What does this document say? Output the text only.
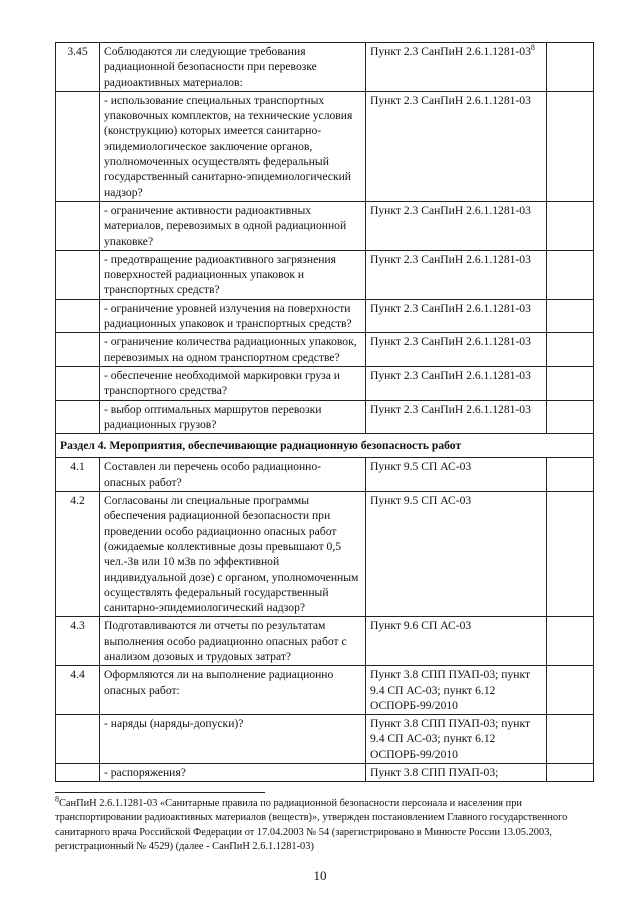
3.45	Соблюдаются ли следующие требования радиационной безопасности при перевозке радиоактивных материалов:	Пункт 2.3 СанПиН $2.6.1.1281-03^8$	
	- использование специальных транспортных упаковочных комплектов, на технические условия (конструкцию) которых имеется санитарно-эпидемиологическое заключение органов, уполномоченных осуществлять федеральный государственный санитарно-эпидемиологический надзор?	Пункт 2.3 СанПиН 2.6.1.1281-03	
	- ограничение активности радиоактивных материалов, перевозимых в одной радиационной упаковке?	Пункт 2.3 СанПиН 2.6.1.1281-03	
	- предотвращение радиоактивного загрязнения поверхностей радиационных упаковок и транспортных средств?	Пункт 2.3 СанПиН 2.6.1.1281-03	
	- ограничение уровней излучения на поверхности радиационных упаковок и транспортных средств?	Пункт 2.3 СанПиН 2.6.1.1281-03	
	- ограничение количества радиационных упаковок, перевозимых на одном транспортном средстве?	Пункт 2.3 СанПиН 2.6.1.1281-03	
	- обеспечение необходимой маркировки груза и транспортного средства?	Пункт 2.3 СанПиН 2.6.1.1281-03	
	- выбор оптимальных маршрутов перевозки радиационных грузов?	Пункт 2.3 СанПиН 2.6.1.1281-03	
Раздел 4. Мероприятия, обеспечивающие радиационную безопасность работ			
4.1	Составлен ли перечень особо радиационно-опасных работ?	Пункт 9.5 СП АС-03	
4.2	Согласованы ли специальные программы обеспечения радиационной безопасности при проведении особо радиационно опасных работ (ожидаемые коллективные дозы превышают 0,5 чел.-Зв или 10 мЗв по эффективной индивидуальной дозе) с органом, уполномоченным осуществлять федеральный государственный санитарно-эпидемиологический надзор?	Пункт 9.5 СП АС-03	
4.3	Подготавливаются ли отчеты по результатам выполнения особо радиационно опасных работ с анализом дозовых и трудовых затрат?	Пункт 9.6 СП АС-03	
4.4	Оформляются ли на выполнение радиационно опасных работ:	Пункт 3.8 СПП ПУАП-03; пункт 9.4 СП АС-03; пункт 6.12 ОСПОРБ-99/2010	
	- наряды (наряды-допуски)?	Пункт 3.8 СПП ПУАП-03; пункт 9.4 СП АС-03; пункт 6.12 ОСПОРБ-99/2010	
	- распоряжения?	Пункт 3.8 СПП ПУАП-03;	
$^8$СанПиН 2.6.1.1281-03 «Санитарные правила по радиационной безопасности персонала и населения при транспортировании радиоактивных материалов (веществ)», утвержден постановлением Главного государственного санитарного врача Российской Федерации от 17.04.2003 № 54 (зарегистрировано в Минюсте России 13.05.2003, регистрационный № 4529) (далее - СанПиН 2.6.1.1281-03)
10
